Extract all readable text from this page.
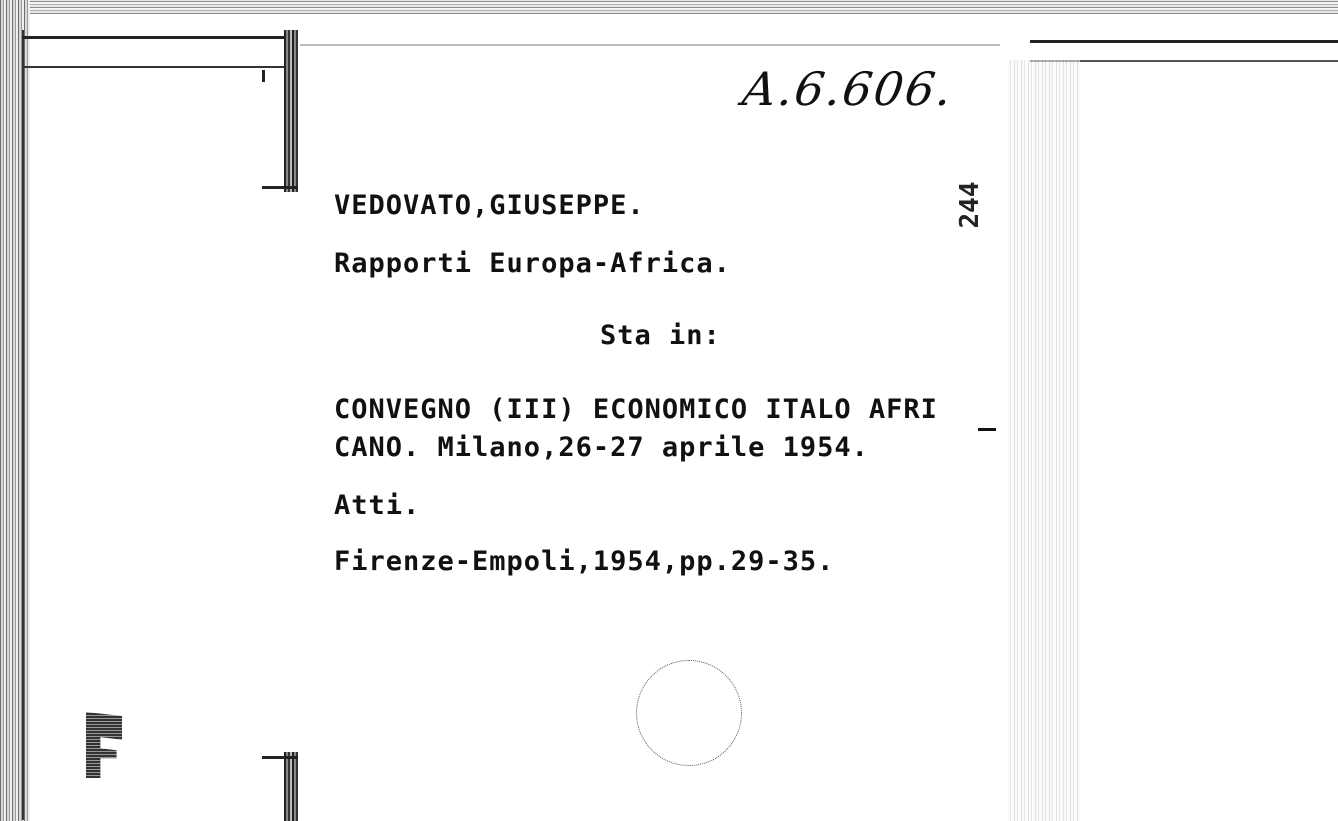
A.6.606.
244
VEDOVATO,GIUSEPPE.
Rapporti Europa-Africa.
Sta in:
CONVEGNO (III) ECONOMICO ITALO AFRI
CANO. Milano,26-27 aprile 1954.
Atti.
Firenze-Empoli,1954,pp.29-35.
